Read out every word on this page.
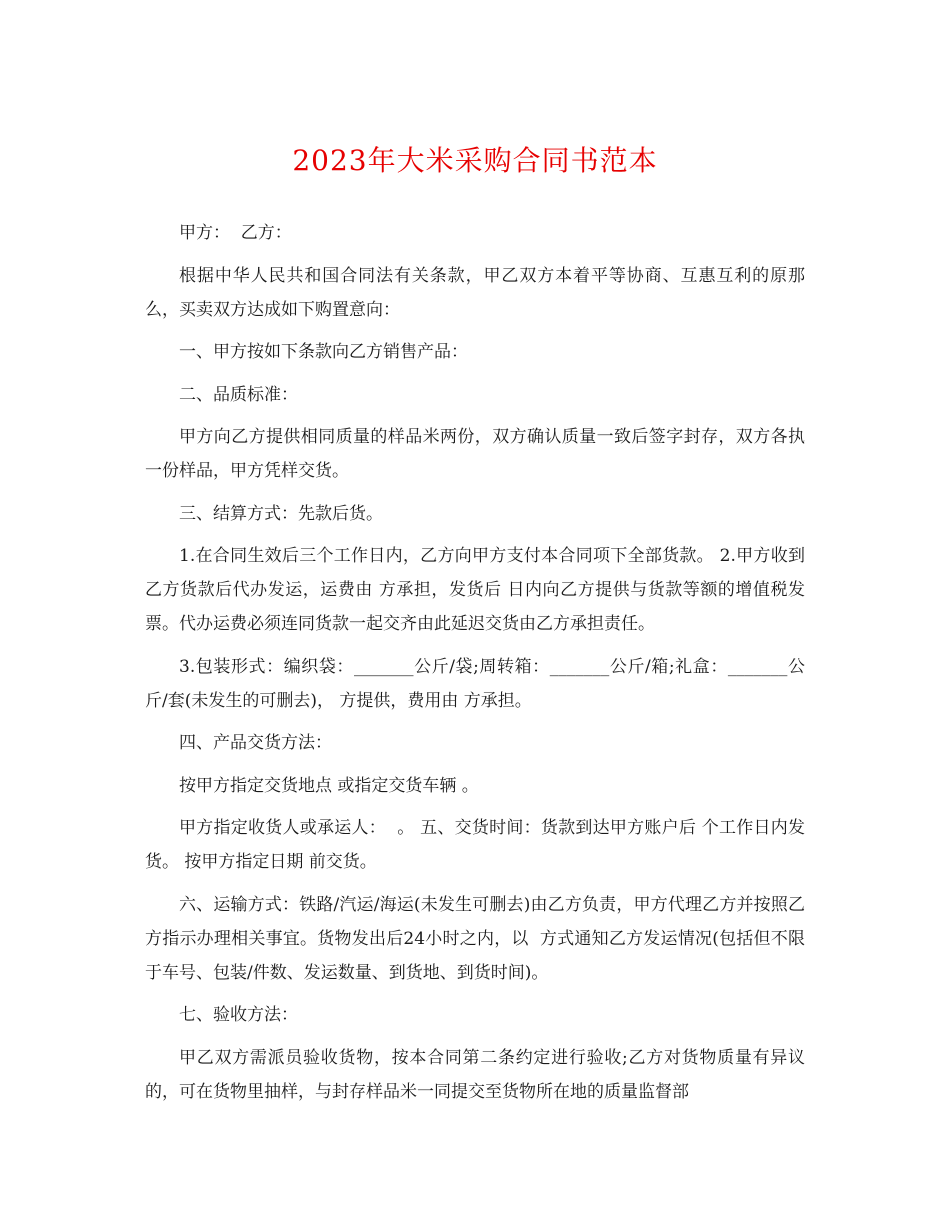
2023年大米采购合同书范本

甲方：  乙方：

根据中华人民共和国合同法有关条款，甲乙双方本着平等协商、互惠互利的原那么，买卖双方达成如下购置意向：

一、甲方按如下条款向乙方销售产品：

二、品质标准：

甲方向乙方提供相同质量的样品米两份，双方确认质量一致后签字封存，双方各执一份样品，甲方凭样交货。

三、结算方式：先款后货。

1.在合同生效后三个工作日内，乙方向甲方支付本合同项下全部货款。 2.甲方收到乙方货款后代办发运，运费由 方承担，发货后 日内向乙方提供与货款等额的增值税发票。代办运费必须连同货款一起交齐由此延迟交货由乙方承担责任。

3.包装形式：编织袋：_______公斤/袋;周转箱：_______公斤/箱;礼盒：_______公斤/套(未发生的可删去)， 方提供，费用由 方承担。

四、产品交货方法：

按甲方指定交货地点 或指定交货车辆 。

甲方指定收货人或承运人：  。 五、交货时间：货款到达甲方账户后 个工作日内发货。 按甲方指定日期 前交货。

六、运输方式：铁路/汽运/海运(未发生可删去)由乙方负责，甲方代理乙方并按照乙方指示办理相关事宜。货物发出后24小时之内，以  方式通知乙方发运情况(包括但不限于车号、包装/件数、发运数量、到货地、到货时间)。

七、验收方法：

甲乙双方需派员验收货物，按本合同第二条约定进行验收;乙方对货物质量有异议的，可在货物里抽样，与封存样品米一同提交至货物所在地的质量监督部
